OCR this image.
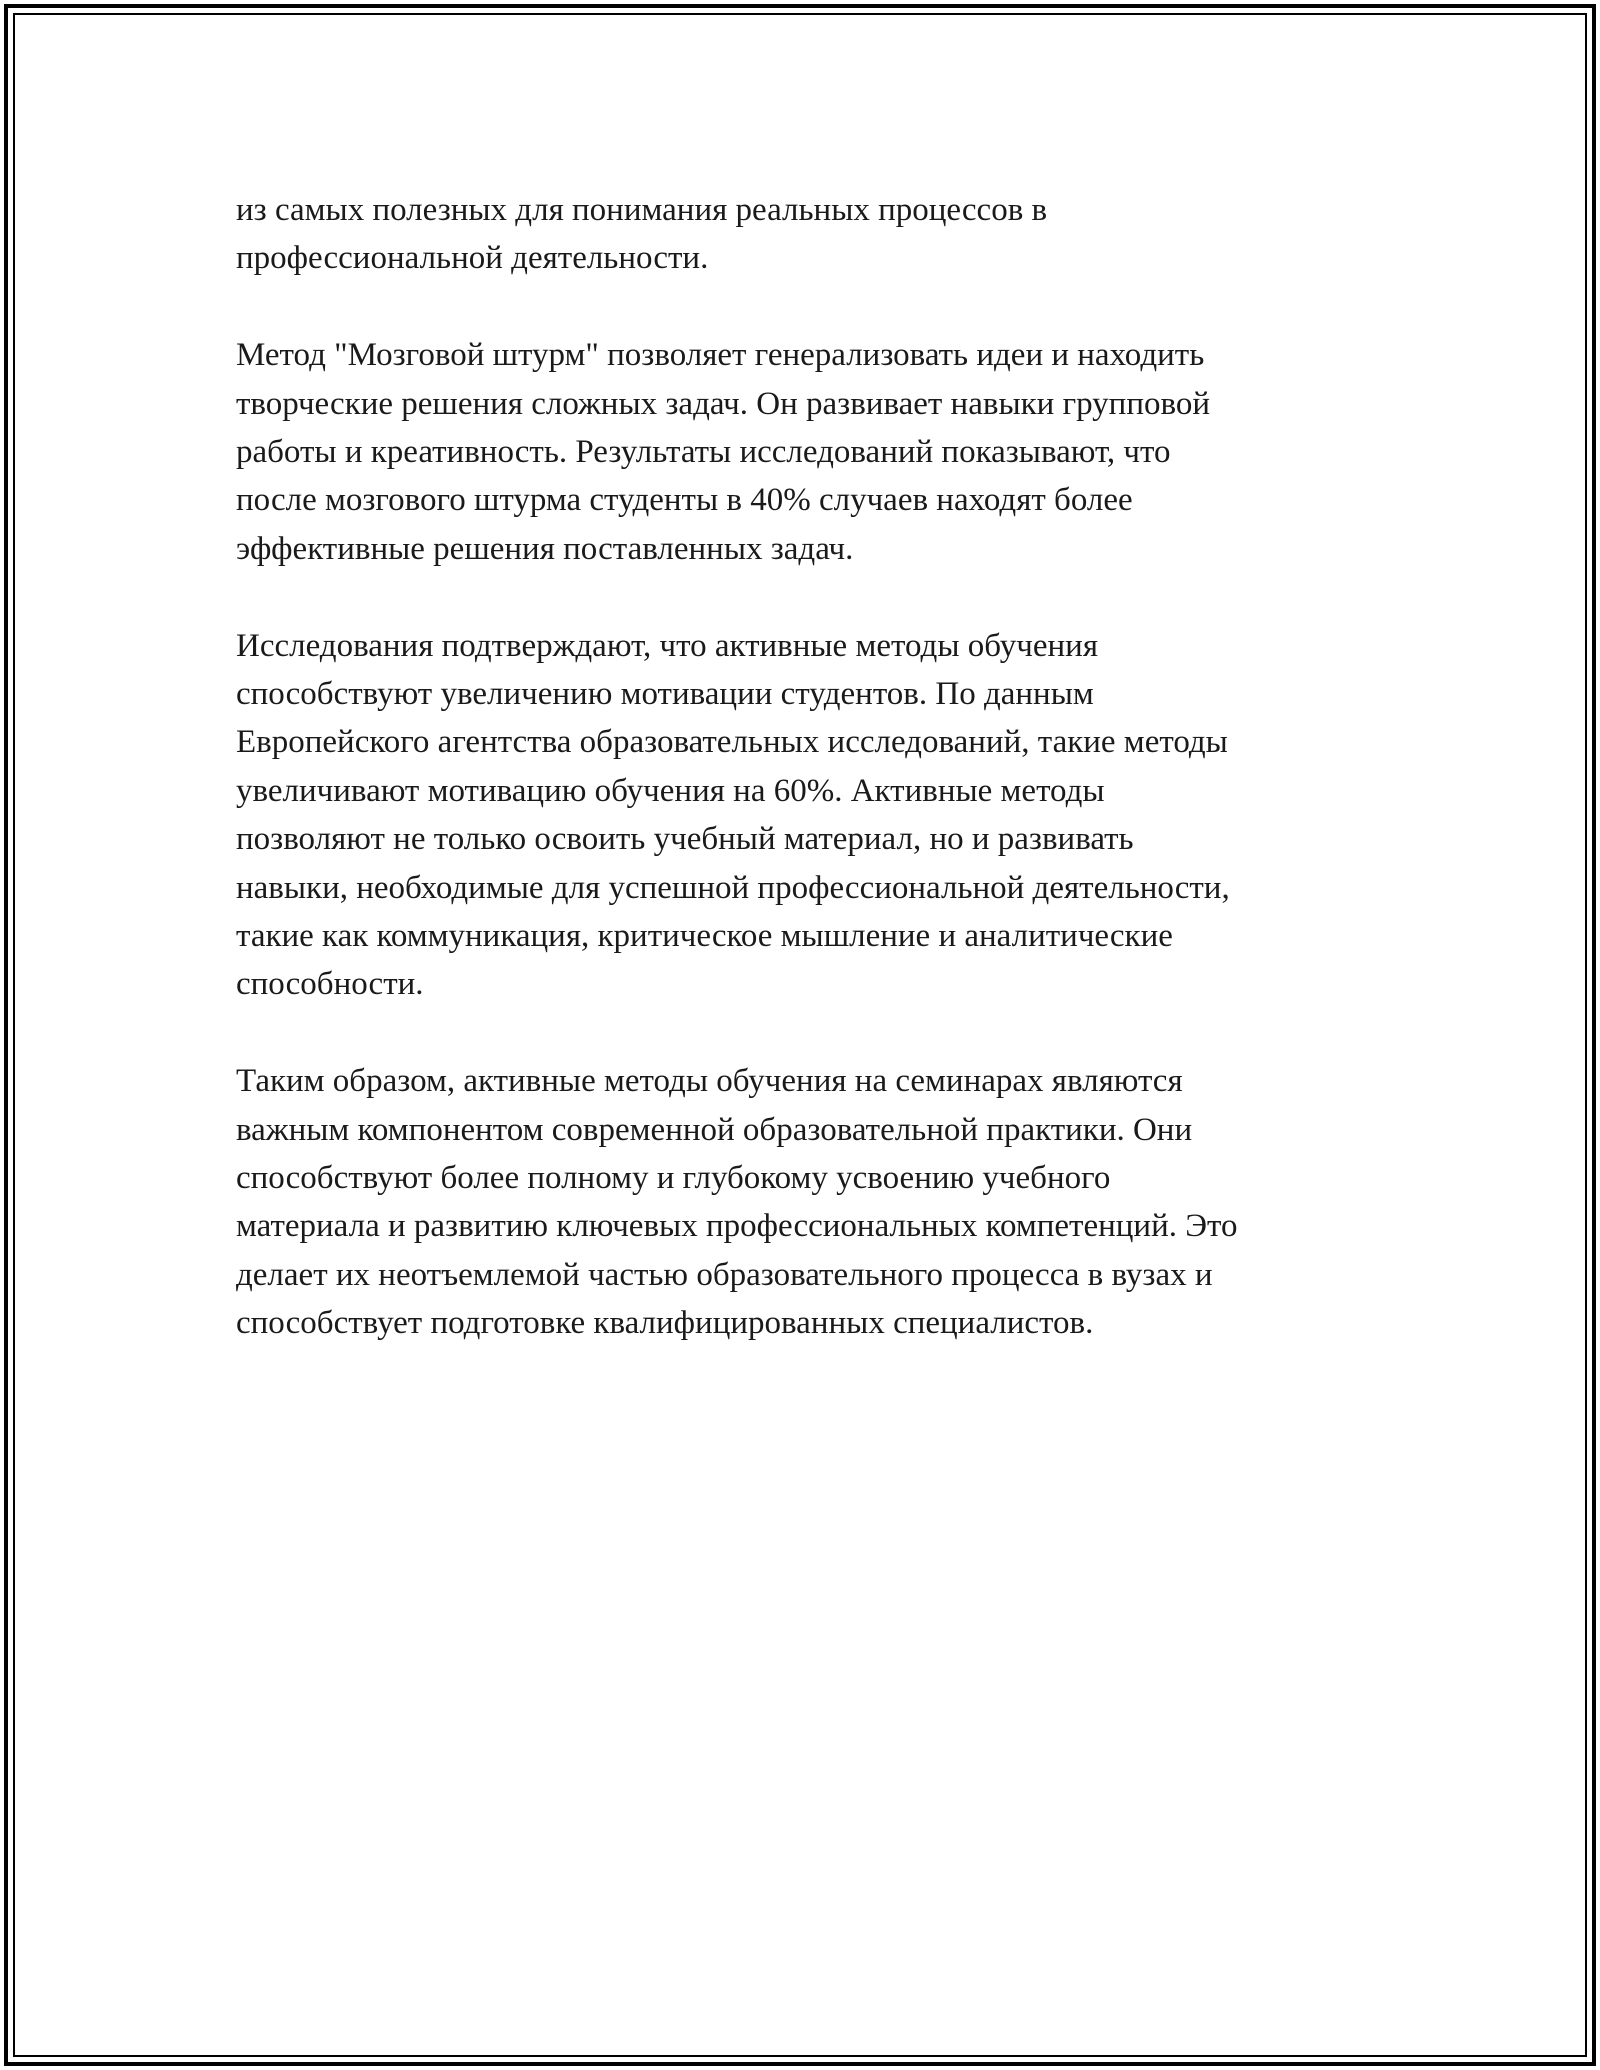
из самых полезных для понимания реальных процессов в
профессиональной деятельности.

Метод "Мозговой штурм" позволяет генерализовать идеи и находить
творческие решения сложных задач. Он развивает навыки групповой
работы и креативность. Результаты исследований показывают, что
после мозгового штурма студенты в 40% случаев находят более
эффективные решения поставленных задач.

Исследования подтверждают, что активные методы обучения
способствуют увеличению мотивации студентов. По данным
Европейского агентства образовательных исследований, такие методы
увеличивают мотивацию обучения на 60%. Активные методы
позволяют не только освоить учебный материал, но и развивать
навыки, необходимые для успешной профессиональной деятельности,
такие как коммуникация, критическое мышление и аналитические
способности.

Таким образом, активные методы обучения на семинарах являются
важным компонентом современной образовательной практики. Они
способствуют более полному и глубокому усвоению учебного
материала и развитию ключевых профессиональных компетенций. Это
делает их неотъемлемой частью образовательного процесса в вузах и
способствует подготовке квалифицированных специалистов.
